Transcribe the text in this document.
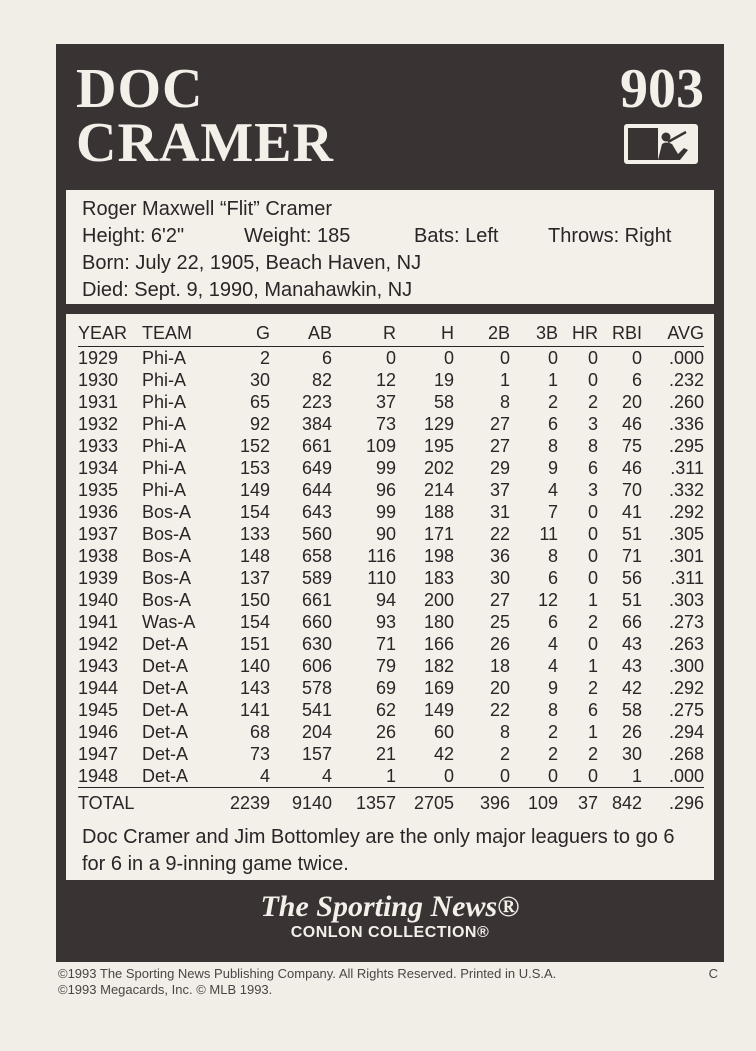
DOC
CRAMER
903
Roger Maxwell “Flit” Cramer
Height: 6'2"	Weight: 185	Bats: Left Throws: Right
Born: July 22, 1905, Beach Haven, NJ
Died: Sept. 9, 1990, Manahawkin, NJ
YEAR	TEAM	G	AB	R	H	2B	3B	HR	RBI	AVG
1929	Phi-A	2	6	0	0	0	0	0	0	.000
1930	Phi-A	30	82	12	19	1	1	0	6	.232
1931	Phi-A	65	223	37	58	8	2	2	20	.260
1932	Phi-A	92	384	73	129	27	6	3	46	.336
1933	Phi-A	152	661	109	195	27	8	8	75	.295
1934	Phi-A	153	649	99	202	29	9	6	46	.311
1935	Phi-A	149	644	96	214	37	4	3	70	.332
1936	Bos-A	154	643	99	188	31	7	0	41	.292
1937	Bos-A	133	560	90	171	22	11	0	51	.305
1938	Bos-A	148	658	116	198	36	8	0	71	.301
1939	Bos-A	137	589	110	183	30	6	0	56	.311
1940	Bos-A	150	661	94	200	27	12	1	51	.303
1941	Was-A	154	660	93	180	25	6	2	66	.273
1942	Det-A	151	630	71	166	26	4	0	43	.263
1943	Det-A	140	606	79	182	18	4	1	43	.300
1944	Det-A	143	578	69	169	20	9	2	42	.292
1945	Det-A	141	541	62	149	22	8	6	58	.275
1946	Det-A	68	204	26	60	8	2	1	26	.294
1947	Det-A	73	157	21	42	2	2	2	30	.268
1948	Det-A	4	4	1	0	0	0	0	1	.000
TOTAL		2239	9140	1357	2705	396	109	37	842	.296
Doc Cramer and Jim Bottomley are the only major leaguers to go 6 for 6 in a 9-inning game twice.
The Sporting News®
CONLON COLLECTION®
©1993 The Sporting News Publishing Company. All Rights Reserved. Printed in U.S.A.
©1993 Megacards, Inc. © MLB 1993.
C
